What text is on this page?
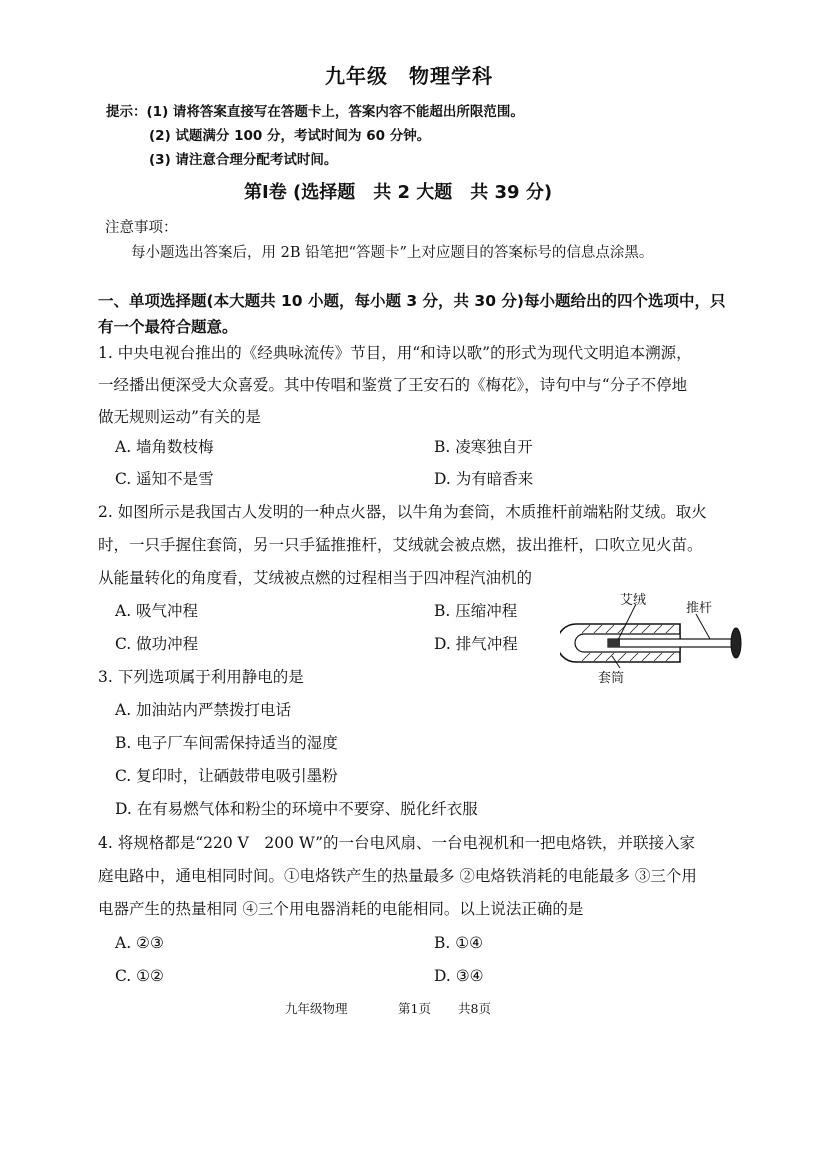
九年级　物理学科
提示：(1) 请将答案直接写在答题卡上，答案内容不能超出所限范围。
(2) 试题满分 100 分，考试时间为 60 分钟。
(3) 请注意合理分配考试时间。
第Ⅰ卷 (选择题　共 2 大题　共 39 分)
注意事项：
每小题选出答案后，用 2B 铅笔把“答题卡”上对应题目的答案标号的信息点涂黑。
一、单项选择题(本大题共 10 小题，每小题 3 分，共 30 分)每小题给出的四个选项中，只
有一个最符合题意。
1. 中央电视台推出的《经典咏流传》节目，用“和诗以歌”的形式为现代文明追本溯源，
一经播出便深受大众喜爱。其中传唱和鉴赏了王安石的《梅花》，诗句中与“分子不停地
做无规则运动”有关的是
A. 墙角数枝梅	B. 凌寒独自开
C. 遥知不是雪	D. 为有暗香来
2. 如图所示是我国古人发明的一种点火器，以牛角为套筒，木质推杆前端粘附艾绒。取火
时，一只手握住套筒，另一只手猛推推杆，艾绒就会被点燃，拔出推杆，口吹立见火苗。
从能量转化的角度看，艾绒被点燃的过程相当于四冲程汽油机的
A. 吸气冲程	B. 压缩冲程
C. 做功冲程	D. 排气冲程
艾绒
推杆
套筒
3. 下列选项属于利用静电的是
A. 加油站内严禁拨打电话
B. 电子厂车间需保持适当的湿度
C. 复印时，让硒鼓带电吸引墨粉
D. 在有易燃气体和粉尘的环境中不要穿、脱化纤衣服
4. 将规格都是“220 V　200 W”的一台电风扇、一台电视机和一把电烙铁，并联接入家
庭电路中，通电相同时间。①电烙铁产生的热量最多 ②电烙铁消耗的电能最多 ③三个用
电器产生的热量相同 ④三个用电器消耗的电能相同。以上说法正确的是
A. ②③	B. ①④
C. ①②	D. ③④
九年级物理	第1页 共8页
